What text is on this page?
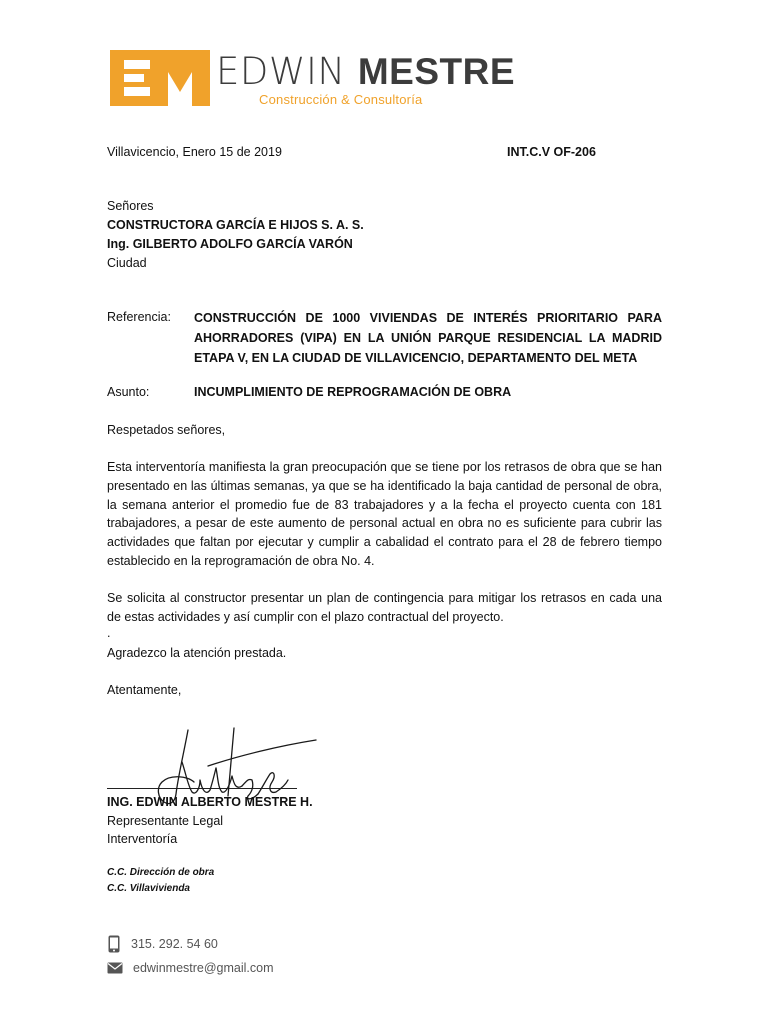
EDWIN MESTRE
Construcción & Consultoría
Villavicencio, Enero 15 de 2019	INT.C.V OF-206
Señores
CONSTRUCTORA GARCÍA E HIJOS S. A. S.
Ing. GILBERTO ADOLFO GARCÍA VARÓN
Ciudad
Referencia: CONSTRUCCIÓN DE 1000 VIVIENDAS DE INTERÉS PRIORITARIO PARA
AHORRADORES (VIPA) EN LA UNIÓN PARQUE RESIDENCIAL LA MADRID
ETAPA V, EN LA CIUDAD DE VILLAVICENCIO, DEPARTAMENTO DEL META
Asunto:	INCUMPLIMIENTO DE REPROGRAMACIÓN DE OBRA
Respetados señores,
Esta interventoría manifiesta la gran preocupación que se tiene por los retrasos de obra que se han
presentado en las últimas semanas, ya que se ha identificado la baja cantidad de personal de obra,
la semana anterior el promedio fue de 83 trabajadores y a la fecha el proyecto cuenta con 181
trabajadores, a pesar de este aumento de personal actual en obra no es suficiente para cubrir las
actividades que faltan por ejecutar y cumplir a cabalidad el contrato para el 28 de febrero tiempo
establecido en la reprogramación de obra No. 4.
Se solicita al constructor presentar un plan de contingencia para mitigar los retrasos en cada una
de estas actividades y así cumplir con el plazo contractual del proyecto.
.
Agradezco la atención prestada.
Atentamente,
ING. EDWIN ALBERTO MESTRE H.
Representante Legal
Interventoría
C.C. Dirección de obra
C.C. Villavivienda
315. 292. 54 60
edwinmestre@gmail.com
